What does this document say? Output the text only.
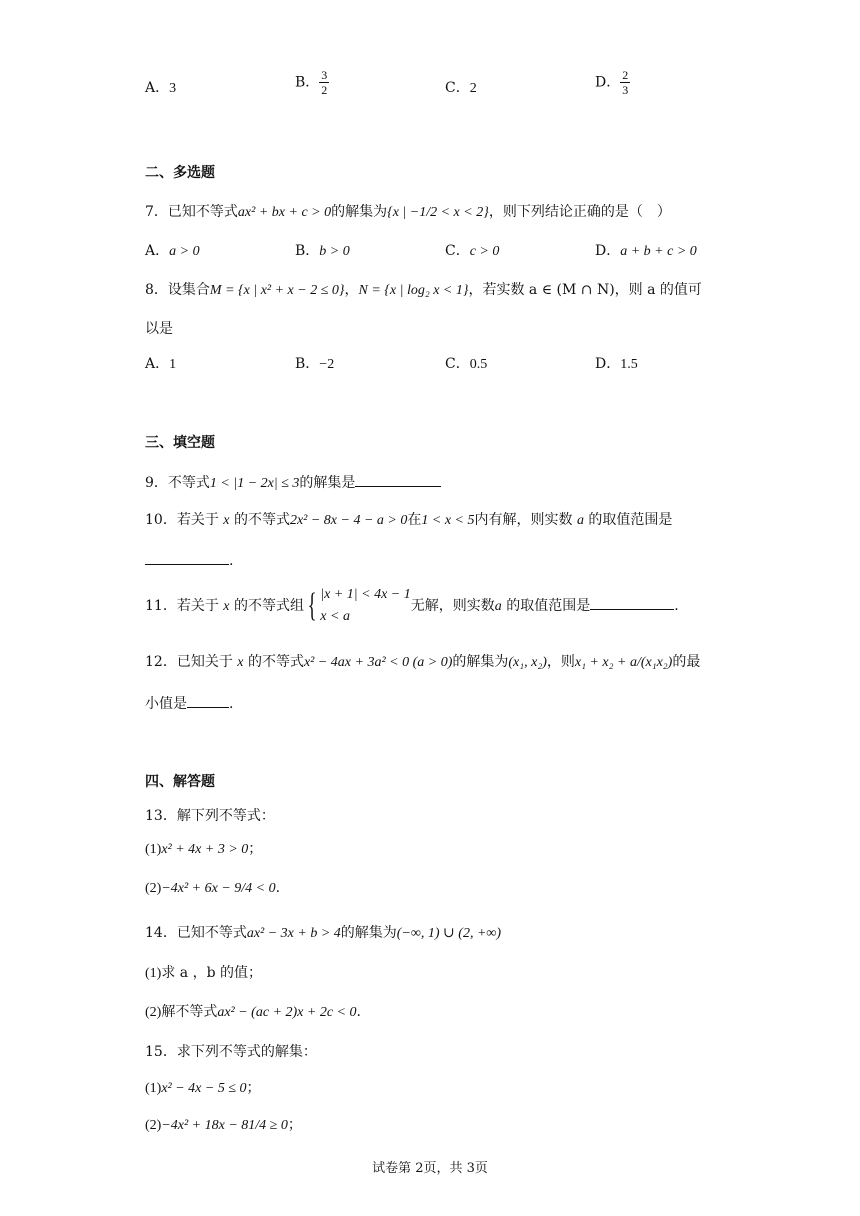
A．3	B． $\frac{3}{2}$	C．2	D． $\frac{2}{3}$
二、多选题
7．已知不等式ax² + bx + c > 0的解集为{x | −1/2 < x < 2}，则下列结论正确的是（　）
A．a > 0	B．b > 0	C．c > 0	D．a + b + c > 0
8．设集合M = {x | x² + x − 2 ≤ 0}，N = {x | log₂ x < 1}，若实数 a ∈ (M ∩ N)，则 a 的值可
以是
A．1	B．−2	C．0.5	D．1.5
三、填空题
9．不等式1 < |1 − 2x| ≤ 3的解集是
10．若关于 x 的不等式2x² − 8x − 4 − a > 0在1 < x < 5内有解，则实数 a 的取值范围是
.
11．若关于 x 的不等式组 { |x + 1| < 4x − 1
x < a
无解，则实数a 的取值范围是	.
12．已知关于 x 的不等式x² − 4ax + 3a² < 0 (a > 0)的解集为(x₁, x₂)，则x₁ + x₂ + a/(x₁x₂)的最
小值是	.
四、解答题
13．解下列不等式：
(1)x² + 4x + 3 > 0；
(2)−4x² + 6x − 9/4 < 0.
14．已知不等式ax² − 3x + b > 4的解集为(−∞, 1) ∪ (2, +∞)
(1)求 a ，b 的值；
(2)解不等式ax² − (ac + 2)x + 2c < 0.
15．求下列不等式的解集：
(1)x² − 4x − 5 ≤ 0；
(2)−4x² + 18x − 81/4 ≥ 0；
试卷第 2页，共 3页
